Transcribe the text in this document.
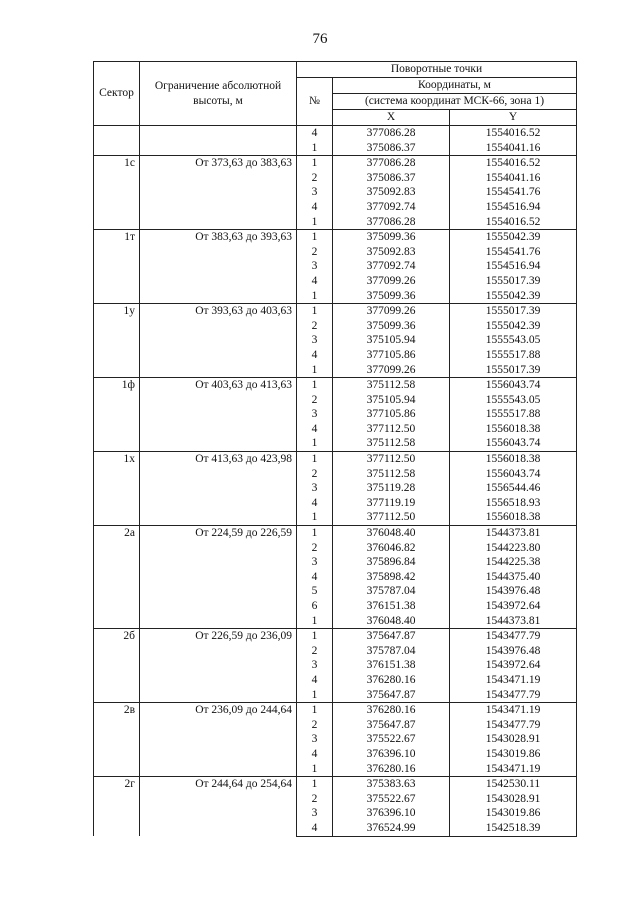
76
Сектор	Ограничение абсолютной высоты, м	Поворотные точки		
		№	Координаты, м	
			(система координат МСК-66, зона 1)	
			X	Y
		4	377086.28	1554016.52
		1	375086.37	1554041.16
1с	От 373,63 до 383,63	1	377086.28	1554016.52
		2	375086.37	1554041.16
		3	375092.83	1554541.76
		4	377092.74	1554516.94
		1	377086.28	1554016.52
1т	От 383,63 до 393,63	1	375099.36	1555042.39
		2	375092.83	1554541.76
		3	377092.74	1554516.94
		4	377099.26	1555017.39
		1	375099.36	1555042.39
1у	От 393,63 до 403,63	1	377099.26	1555017.39
		2	375099.36	1555042.39
		3	375105.94	1555543.05
		4	377105.86	1555517.88
		1	377099.26	1555017.39
1ф	От 403,63 до 413,63	1	375112.58	1556043.74
		2	375105.94	1555543.05
		3	377105.86	1555517.88
		4	377112.50	1556018.38
		1	375112.58	1556043.74
1х	От 413,63 до 423,98	1	377112.50	1556018.38
		2	375112.58	1556043.74
		3	375119.28	1556544.46
		4	377119.19	1556518.93
		1	377112.50	1556018.38
2а	От 224,59 до 226,59	1	376048.40	1544373.81
		2	376046.82	1544223.80
		3	375896.84	1544225.38
		4	375898.42	1544375.40
		5	375787.04	1543976.48
		6	376151.38	1543972.64
		1	376048.40	1544373.81
2б	От 226,59 до 236,09	1	375647.87	1543477.79
		2	375787.04	1543976.48
		3	376151.38	1543972.64
		4	376280.16	1543471.19
		1	375647.87	1543477.79
2в	От 236,09 до 244,64	1	376280.16	1543471.19
		2	375647.87	1543477.79
		3	375522.67	1543028.91
		4	376396.10	1543019.86
		1	376280.16	1543471.19
2г	От 244,64 до 254,64	1	375383.63	1542530.11
		2	375522.67	1543028.91
		3	376396.10	1543019.86
		4	376524.99	1542518.39
